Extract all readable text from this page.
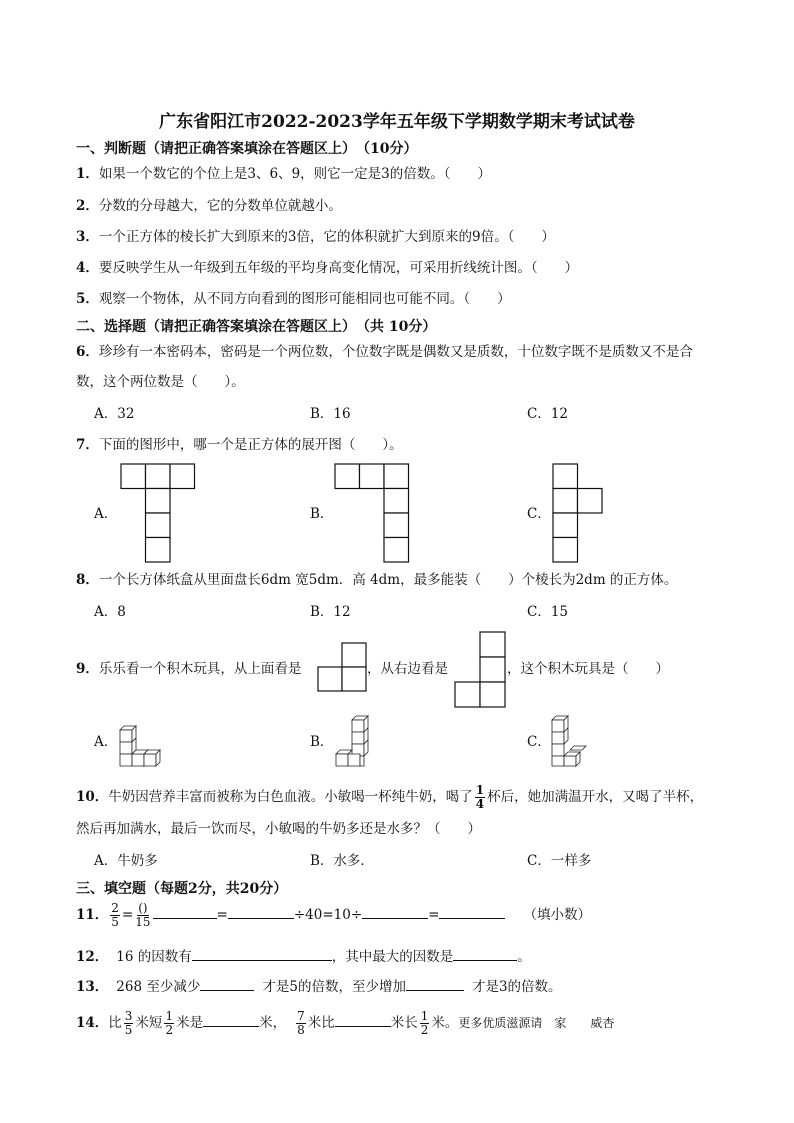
广东省阳江市2022-2023学年五年级下学期数学期末考试试卷
一、判断题（请把正确答案填涂在答题区上）　（10分）
1．如果一个数它的个位上是3、6、9，则它一定是3的倍数。（　　）
2．分数的分母越大，它的分数单位就越小。
3．一个正方体的棱长扩大到原来的3倍，它的体积就扩大到原来的9倍。（　　）
4．要反映学生从一年级到五年级的平均身高变化情况，可采用折线统计图。（　　）
5．观察一个物体，从不同方向看到的图形可能相同也可能不同。（　　）
二、选择题（请把正确答案填涂在答题区上）　（共 10分）
6．珍珍有一本密码本，密码是一个两位数，个位数字既是偶数又是质数，十位数字既不是质数又不是合
数，这个两位数是（　　）。
A．32	B．16	C．12
7．下面的图形中，哪一个是正方体的展开图（　　）。
A．	B．	C．
8．一个长方体纸盒从里面盘长6dm 宽5dm．高 4dm，最多能装（　　）个棱长为2dm 的正方体。
A．8	B．12	C．15
9．乐乐看一个积木玩具，从上面看是	，从右边看是	，这个积木玩具是（　　）
A．	B．	C．
10．牛奶因营养丰富而被称为白色血液。小敏喝一杯纯牛奶，喝了 $\frac{1}{4}$ 杯后，她加满温开水，又喝了半杯，
然后再加满水，最后一饮而尽，小敏喝的牛奶多还是水多？（　　）
A．牛奶多	B．水多．	C．一样多
三、填空题（每题2分，共20分）
11． $\frac{2}{5} = \frac{()}{15}$	=	÷40=10÷	=	（填小数）
12． 16 的因数有	，其中最大的因数是	。
13． 268 至少减少	才是5的倍数，至少增加	才是3的倍数。
14．比 $\frac{3}{5}$ 米短 $\frac{1}{2}$ 米是	米， $\frac{7}{8}$ 米比	米长 $\frac{1}{2}$ 米。更多优质滋源请　家　　威杏
